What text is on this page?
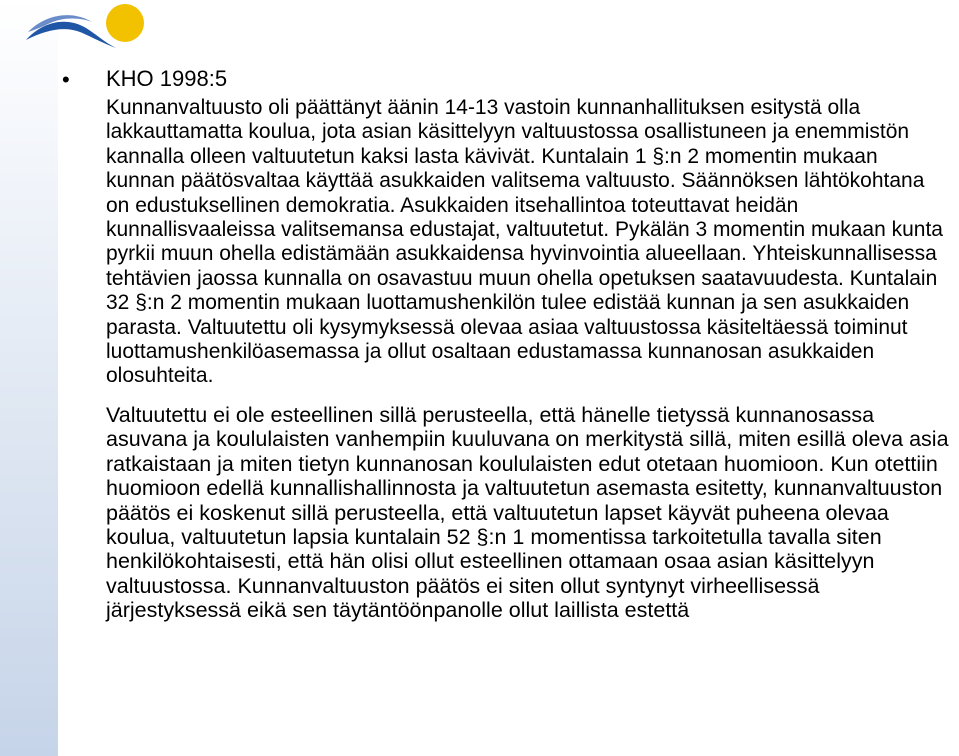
• KHO 1998:5

Kunnanvaltuusto oli päättänyt äänin 14-13 vastoin kunnanhallituksen esitystä olla lakkauttamatta koulua, jota asian käsittelyyn valtuustossa osallistuneen ja enemmistön kannalla olleen valtuutetun kaksi lasta kävivät. Kuntalain 1 §:n 2 momentin mukaan kunnan päätösvaltaa käyttää asukkaiden valitsema valtuusto. Säännöksen lähtökohtana on edustuksellinen demokratia. Asukkaiden itsehallintoa toteuttavat heidän kunnallisvaaleissa valitsemansa edustajat, valtuutetut. Pykälän 3 momentin mukaan kunta pyrkii muun ohella edistämään asukkaidensa hyvinvointia alueellaan. Yhteiskunnallisessa tehtävien jaossa kunnalla on osavastuu muun ohella opetuksen saatavuudesta. Kuntalain 32 §:n 2 momentin mukaan luottamushenkilön tulee edistää kunnan ja sen asukkaiden parasta. Valtuutettu oli kysymyksessä olevaa asiaa valtuustossa käsiteltäessä toiminut luottamushenkilöasemassa ja ollut osaltaan edustamassa kunnanosan asukkaiden olosuhteita.

Valtuutettu ei ole esteellinen sillä perusteella, että hänelle tietyssä kunnanosassa asuvana ja koululaisten vanhempiin kuuluvana on merkitystä sillä, miten esillä oleva asia ratkaistaan ja miten tietyn kunnanosan koululaisten edut otetaan huomioon. Kun otettiin huomioon edellä kunnallishallinnosta ja valtuutetun asemasta esitetty, kunnanvaltuuston päätös ei koskenut sillä perusteella, että valtuutetun lapset käyvät puheena olevaa koulua, valtuutetun lapsia kuntalain 52 §:n 1 momentissa tarkoitetulla tavalla siten henkilökohtaisesti, että hän olisi ollut esteellinen ottamaan osaa asian käsittelyyn valtuustossa. Kunnanvaltuuston päätös ei siten ollut syntynyt virheellisessä järjestyksessä eikä sen täytäntöönpanolle ollut laillista estettä
